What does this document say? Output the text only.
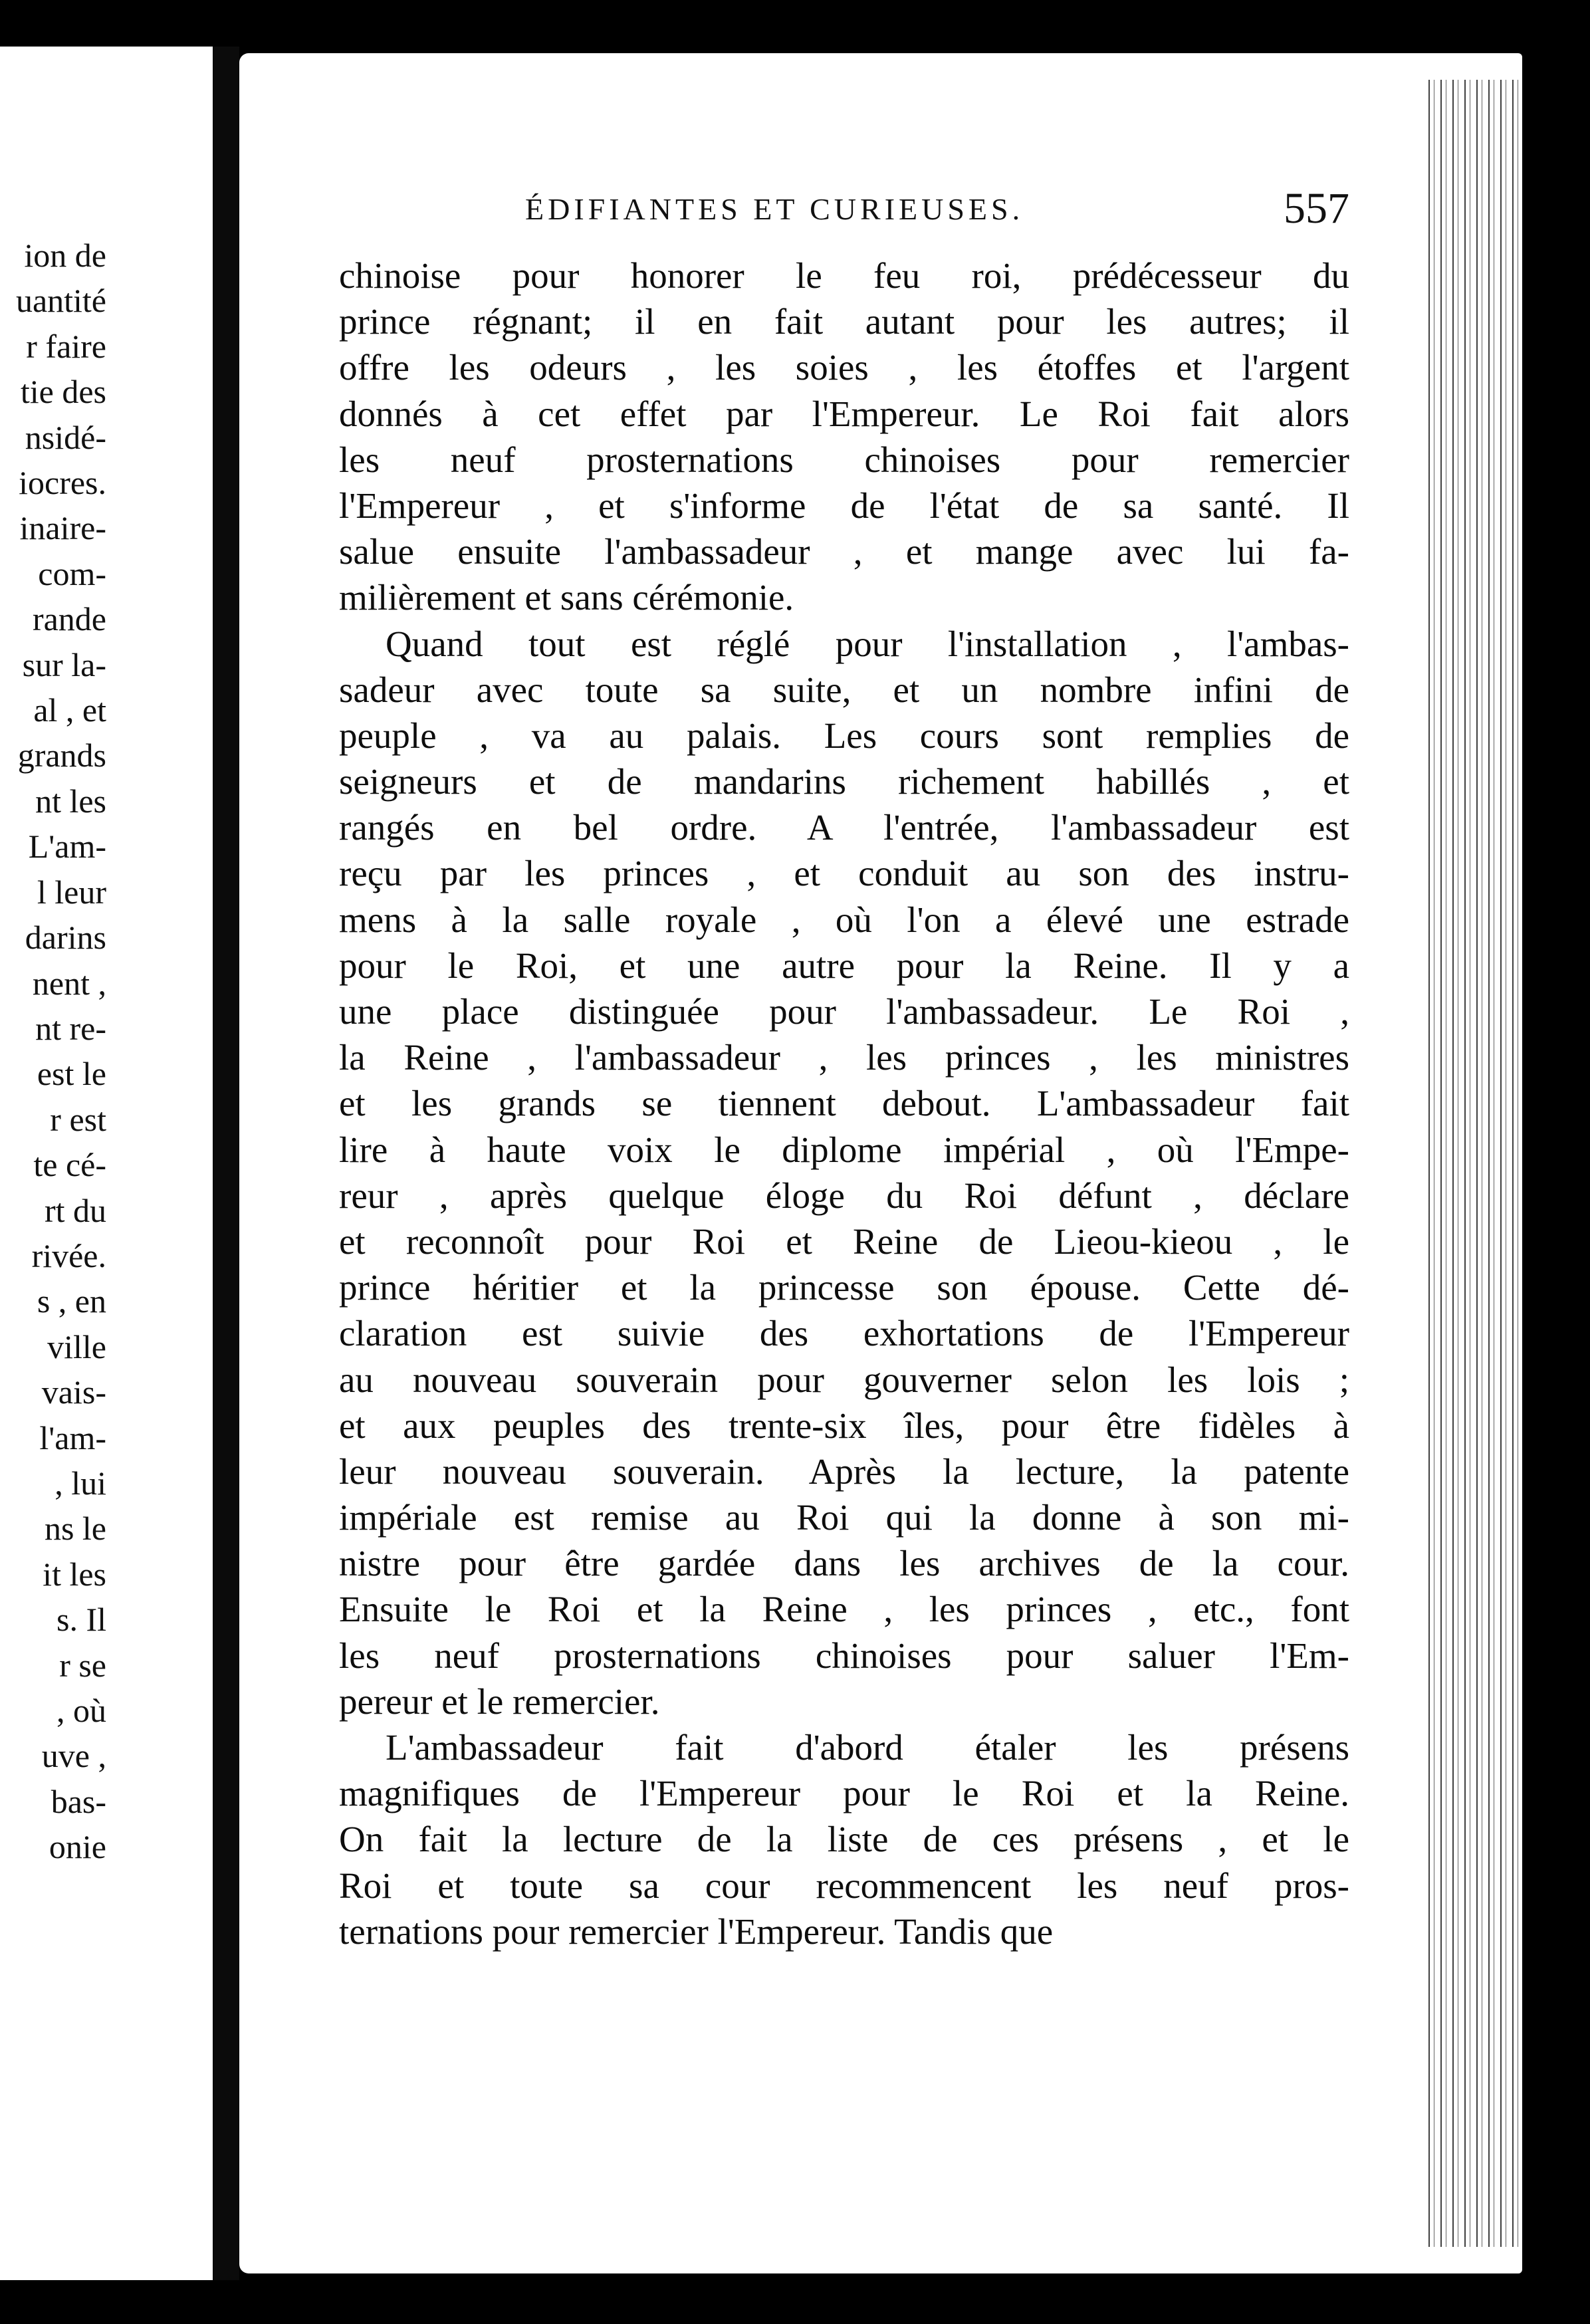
ion de
uantité
r faire
tie des
nsidé-
iocres.
inaire-
com-
rande
sur la-
al , et
grands
nt les
L'am-
l leur
darins
nent ,
nt re-
est le
r est
te cé-
rt du
rivée.
s , en
ville
vais-
l'am-
, lui
ns le
it les
s. Il
r se
, où
uve ,
bas-
onie
ÉDIFIANTES ET CURIEUSES.	557
chinoise pour honorer le feu roi, prédécesseur du
prince régnant; il en fait autant pour les autres; il
offre les odeurs , les soies , les étoffes et l'argent
donnés à cet effet par l'Empereur. Le Roi fait alors
les neuf prosternations chinoises pour remercier
l'Empereur , et s'informe de l'état de sa santé. Il
salue ensuite l'ambassadeur , et mange avec lui fa-
milièrement et sans cérémonie.
Quand tout est réglé pour l'installation , l'ambas-
sadeur avec toute sa suite, et un nombre infini de
peuple , va au palais. Les cours sont remplies de
seigneurs et de mandarins richement habillés , et
rangés en bel ordre. A l'entrée, l'ambassadeur est
reçu par les princes , et conduit au son des instru-
mens à la salle royale , où l'on a élevé une estrade
pour le Roi, et une autre pour la Reine. Il y a
une place distinguée pour l'ambassadeur. Le Roi ,
la Reine , l'ambassadeur , les princes , les ministres
et les grands se tiennent debout. L'ambassadeur fait
lire à haute voix le diplome impérial , où l'Empe-
reur , après quelque éloge du Roi défunt , déclare
et reconnoît pour Roi et Reine de Lieou-kieou , le
prince héritier et la princesse son épouse. Cette dé-
claration est suivie des exhortations de l'Empereur
au nouveau souverain pour gouverner selon les lois ;
et aux peuples des trente-six îles, pour être fidèles à
leur nouveau souverain. Après la lecture, la patente
impériale est remise au Roi qui la donne à son mi-
nistre pour être gardée dans les archives de la cour.
Ensuite le Roi et la Reine , les princes , etc., font
les neuf prosternations chinoises pour saluer l'Em-
pereur et le remercier.
L'ambassadeur fait d'abord étaler les présens
magnifiques de l'Empereur pour le Roi et la Reine.
On fait la lecture de la liste de ces présens , et le
Roi et toute sa cour recommencent les neuf pros-
ternations pour remercier l'Empereur. Tandis que
